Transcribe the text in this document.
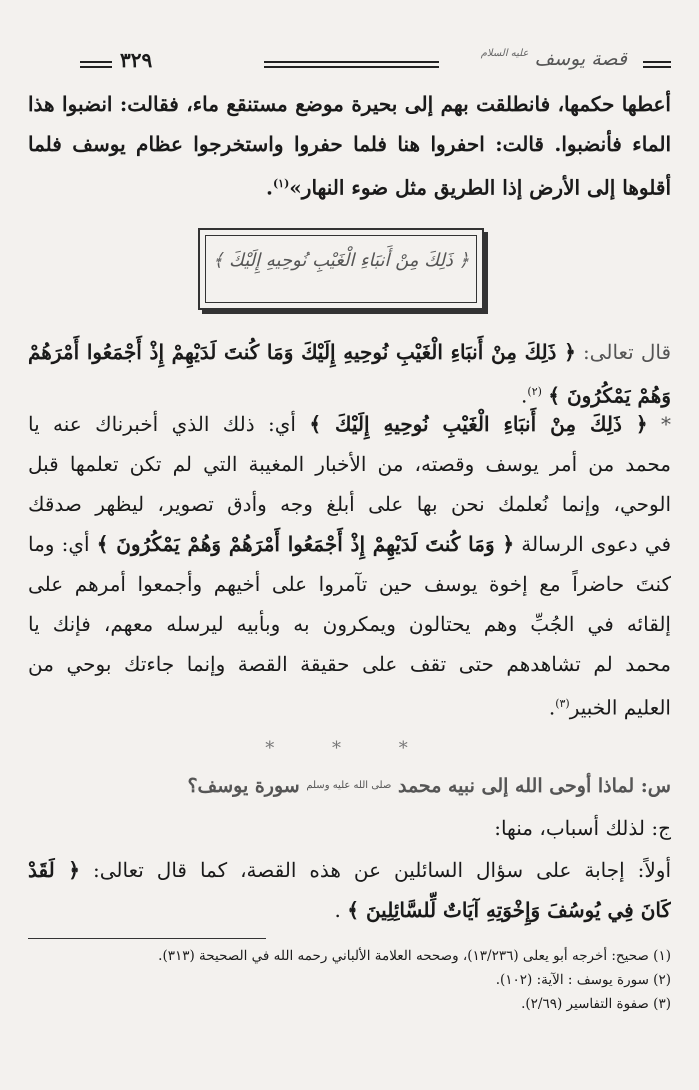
قصة يوسف $^{عليه السلام}$
٣٢٩
أعطها حكمها، فانطلقت بهم إلى بحيرة موضع مستنقع ماء، فقالت: انضبوا هذا
الماء فأنضبوا. قالت: احفروا هنا فلما حفروا واستخرجوا عظام يوسف فلما
أقلوها إلى الأرض إذا الطريق مثل ضوء النهار»$^{(١)}$.
﴿ ذَلِكَ مِنْ أَنبَاءِ الْغَيْبِ نُوحِيهِ إِلَيْكَ ﴾
قال تعالى: ﴿ ذَلِكَ مِنْ أَنبَاءِ الْغَيْبِ نُوحِيهِ إِلَيْكَ وَمَا كُنتَ لَدَيْهِمْ إِذْ أَجْمَعُوا أَمْرَهُمْ
وَهُمْ يَمْكُرُونَ ﴾ $^{(٢)}$.
* ﴿ ذَلِكَ مِنْ أَنبَاءِ الْغَيْبِ نُوحِيهِ إِلَيْكَ ﴾ أي: ذلك الذي أخبرناك عنه يا
محمد من أمر يوسف وقصته، من الأخبار المغيبة التي لم تكن تعلمها قبل
الوحي، وإنما نُعلمك نحن بها على أبلغ وجه وأدق تصوير، ليظهر صدقك
في دعوى الرسالة ﴿ وَمَا كُنتَ لَدَيْهِمْ إِذْ أَجْمَعُوا أَمْرَهُمْ وَهُمْ يَمْكُرُونَ ﴾ أي: وما
كنتَ حاضراً مع إخوة يوسف حين تآمروا على أخيهم وأجمعوا أمرهم على
إلقائه في الجُبِّ وهم يحتالون ويمكرون به وبأبيه ليرسله معهم، فإنك يا
محمد لم تشاهدهم حتى تقف على حقيقة القصة وإنما جاءتك بوحي من
العليم الخبير$^{(٣)}$.
* * *
س: لماذا أوحى الله إلى نبيه محمد $^{صلى الله عليه وسلم}$ سورة يوسف؟
ج: لذلك أسباب، منها:
أولاً: إجابة على سؤال السائلين عن هذه القصة، كما قال تعالى: ﴿ لَقَدْ
كَانَ فِي يُوسُفَ وَإِخْوَتِهِ آيَاتٌ لِّلسَّائِلِينَ ﴾ .
(١) صحيح: أخرجه أبو يعلى (١٣/٢٣٦)، وصححه العلامة الألباني رحمه الله في الصحيحة (٣١٣).
(٢) سورة يوسف : الآية: (١٠٢).
(٣) صفوة التفاسير (٢/٦٩).
